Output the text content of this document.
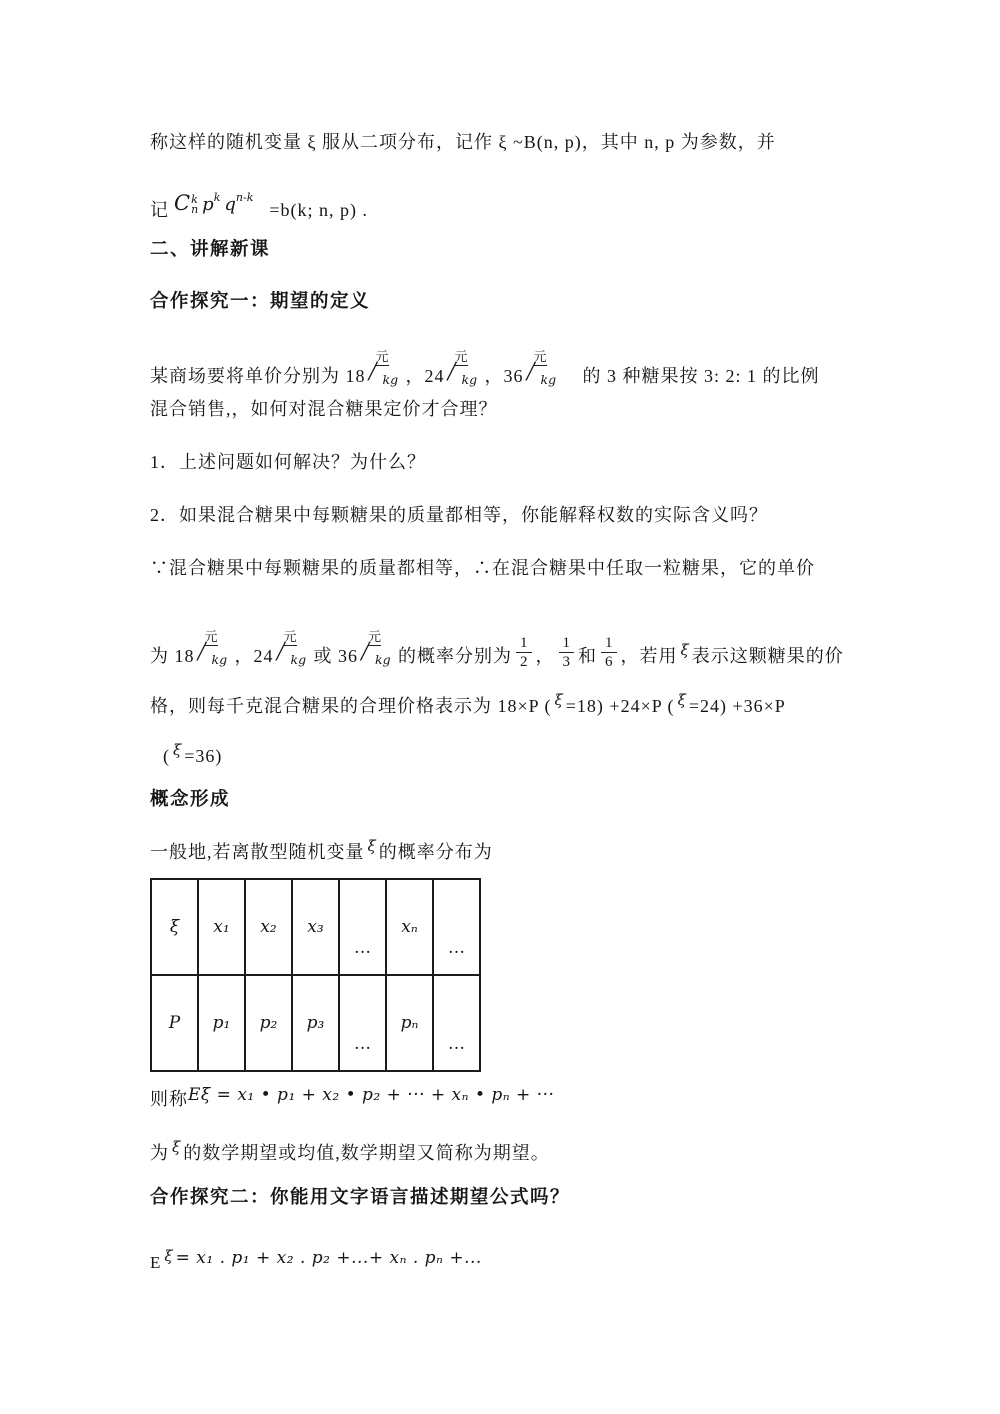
称这样的随机变量 ξ 服从二项分布，记作 ξ ~B(n, p)，其中 n, p 为参数，并
记 C k
n $p^k$ $q^{n-k}=b(k$; n, p) .
二、讲解新课
合作探究一：期望的定义
某商场要将单价分别为 18
元
/ kg ，24
元
/ kg ，36
元
/ kg 　的 3 种糖果按 3: 2: 1 的比例
混合销售,，如何对混合糖果定价才合理？
1．上述问题如何解决？为什么？
2．如果混合糖果中每颗糖果的质量都相等，你能解释权数的实际含义吗？
∵混合糖果中每颗糖果的质量都相等，∴在混合糖果中任取一粒糖果，它的单价
为 18
元
/ kg ，24
元
/ kg 或 36
元
/ kg 的概率分别为 $\frac{1}{2}$ ， $\frac{1}{3}$ 和 $\frac{1}{6}$ ，若用 $^\xi$ 表示这颗糖果的价
格，则每千克混合糖果的合理价格表示为 18×P ( $^\xi$ =18) +24×P ( $^\xi$ =24) +36×P
( $^\xi$ =36)
概念形成
一般地,若离散型随机变量 $^\xi$ 的概率分布为
ξ	x₁	x₂	x₃	…	xₙ	…
P	p₁	p₂	p₃	…	pₙ	…
则称Eξ = x₁ • p₁ + x₂ • p₂ + ··· + xₙ • pₙ + ···
为 $^\xi$ 的数学期望或均值,数学期望又简称为期望。
合作探究二：你能用文字语言描述期望公式吗？
E $^\xi$ = x₁ . p₁ + x₂ . p₂ +...+ xₙ . pₙ +...
